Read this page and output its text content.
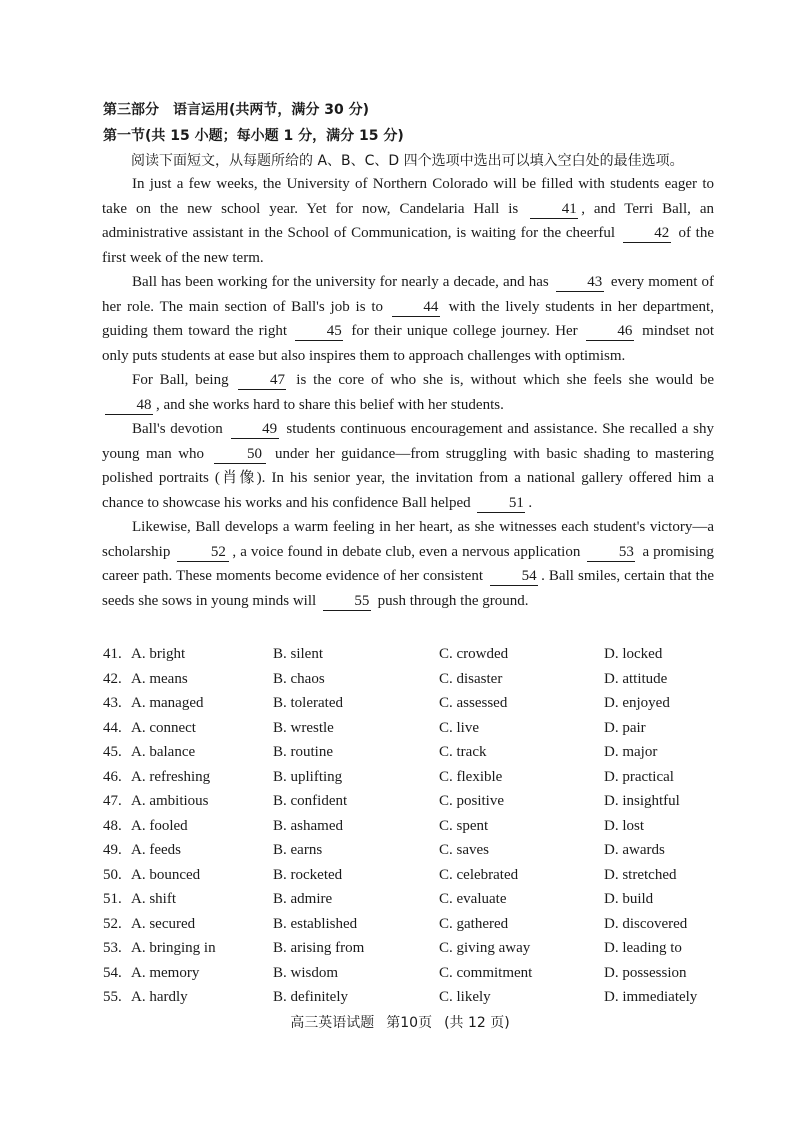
第三部分　语言运用(共两节，满分 30 分)
第一节(共 15 小题；每小题 1 分，满分 15 分)
阅读下面短文，从每题所给的 A、B、C、D 四个选项中选出可以填入空白处的最佳选项。

In just a few weeks, the University of Northern Colorado will be filled with students eager to take on the new school year. Yet for now, Candelaria Hall is 41 , and Terri Ball, an administrative assistant in the School of Communication, is waiting for the cheerful 42 of the first week of the new term.

Ball has been working for the university for nearly a decade, and has 43 every moment of her role. The main section of Ball's job is to 44 with the lively students in her department, guiding them toward the right 45 for their unique college journey. Her 46 mindset not only puts students at ease but also inspires them to approach challenges with optimism.

For Ball, being 47 is the core of who she is, without which she feels she would be 48 , and she works hard to share this belief with her students.

Ball's devotion 49 students continuous encouragement and assistance. She recalled a shy young man who 50 under her guidance—from struggling with basic shading to mastering polished portraits (肖像). In his senior year, the invitation from a national gallery offered him a chance to showcase his works and his confidence Ball helped 51 .

Likewise, Ball develops a warm feeling in her heart, as she witnesses each student's victory—a scholarship 52 , a voice found in debate club, even a nervous application 53 a promising career path. These moments become evidence of her consistent 54 . Ball smiles, certain that the seeds she sows in young minds will 55 push through the ground.

41. A. bright	B. silent	C. crowded	D. locked
42. A. means	B. chaos	C. disaster	D. attitude
43. A. managed	B. tolerated	C. assessed	D. enjoyed
44. A. connect	B. wrestle	C. live	D. pair
45. A. balance	B. routine	C. track	D. major
46. A. refreshing	B. uplifting	C. flexible	D. practical
47. A. ambitious	B. confident	C. positive	D. insightful
48. A. fooled	B. ashamed	C. spent	D. lost
49. A. feeds	B. earns	C. saves	D. awards
50. A. bounced	B. rocketed	C. celebrated	D. stretched
51. A. shift	B. admire	C. evaluate	D. build
52. A. secured	B. established	C. gathered	D. discovered
53. A. bringing in	B. arising from	C. giving away	D. leading to
54. A. memory	B. wisdom	C. commitment	D. possession
55. A. hardly	B. definitely	C. likely	D. immediately
高三英语试题 第10页 (共 12 页)
